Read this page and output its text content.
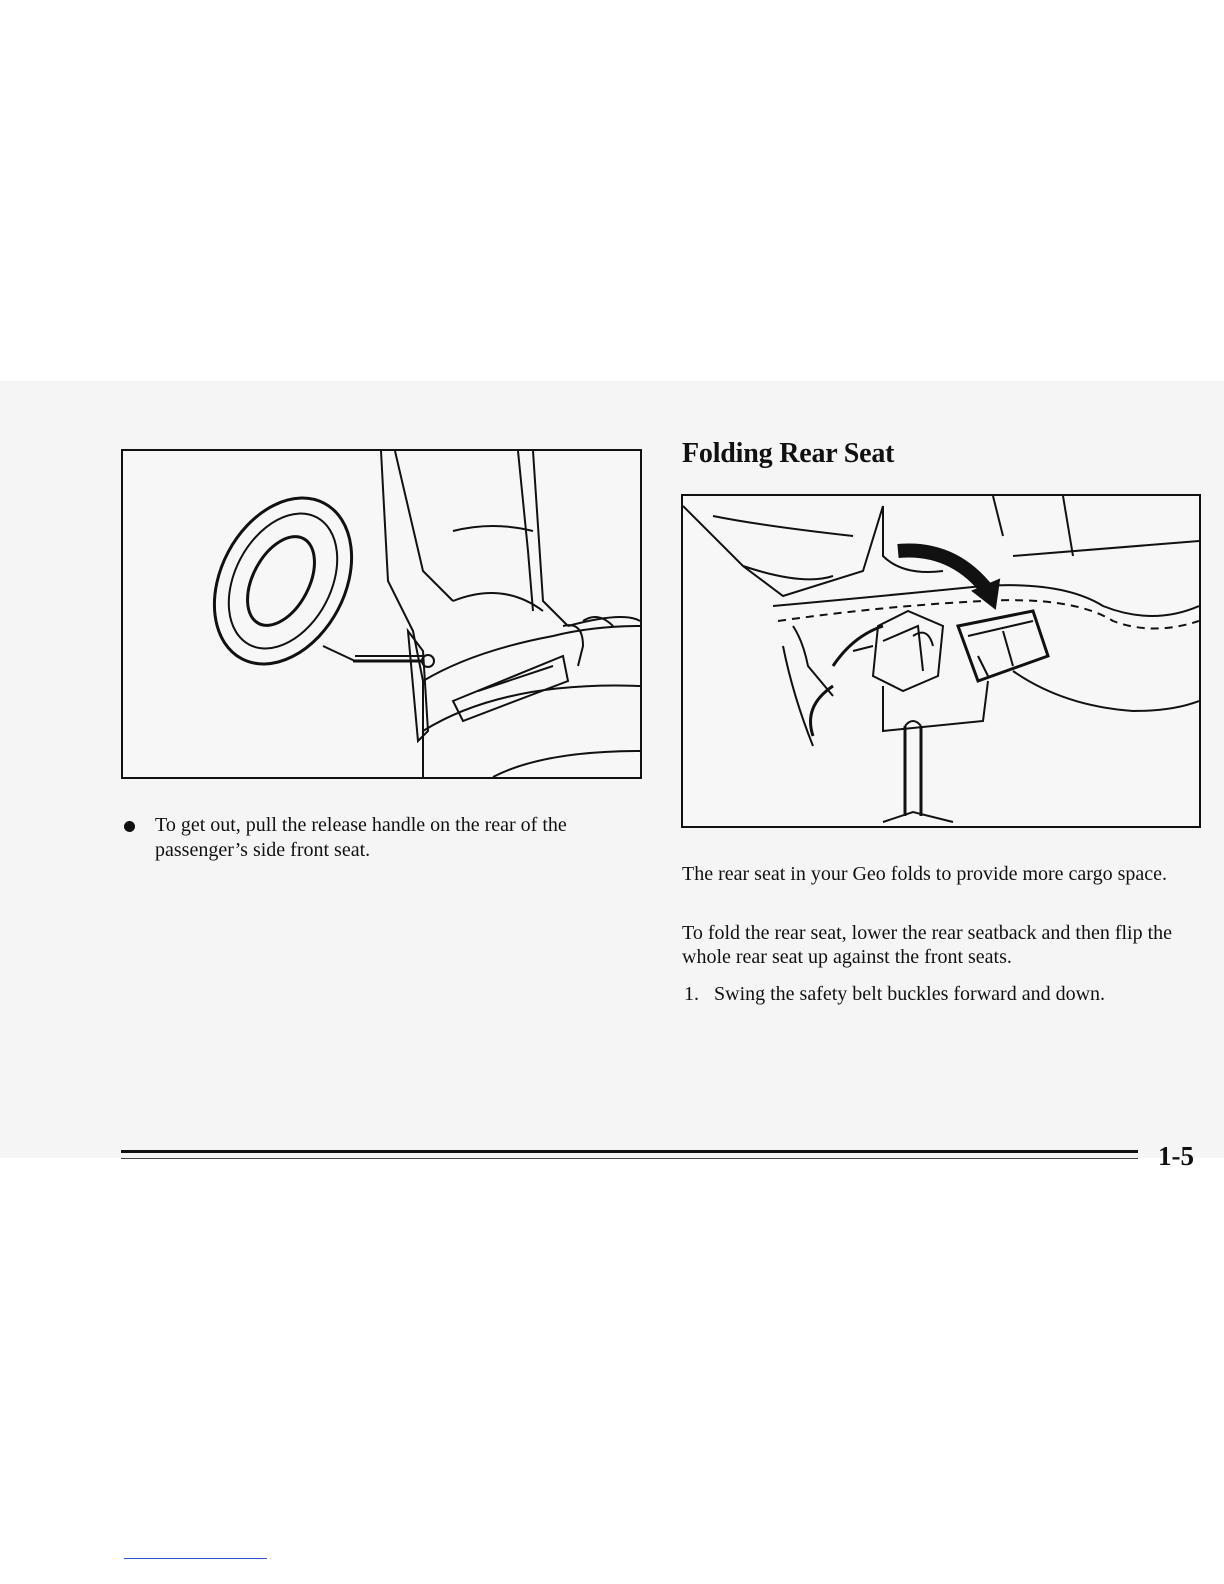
Folding Rear Seat
To get out, pull the release handle on the rear of the passenger’s side front seat.

The rear seat in your Geo folds to provide more cargo space.

To fold the rear seat, lower the rear seatback and then flip the whole rear seat up against the front seats.

1. Swing the safety belt buckles forward and down.
1-5
